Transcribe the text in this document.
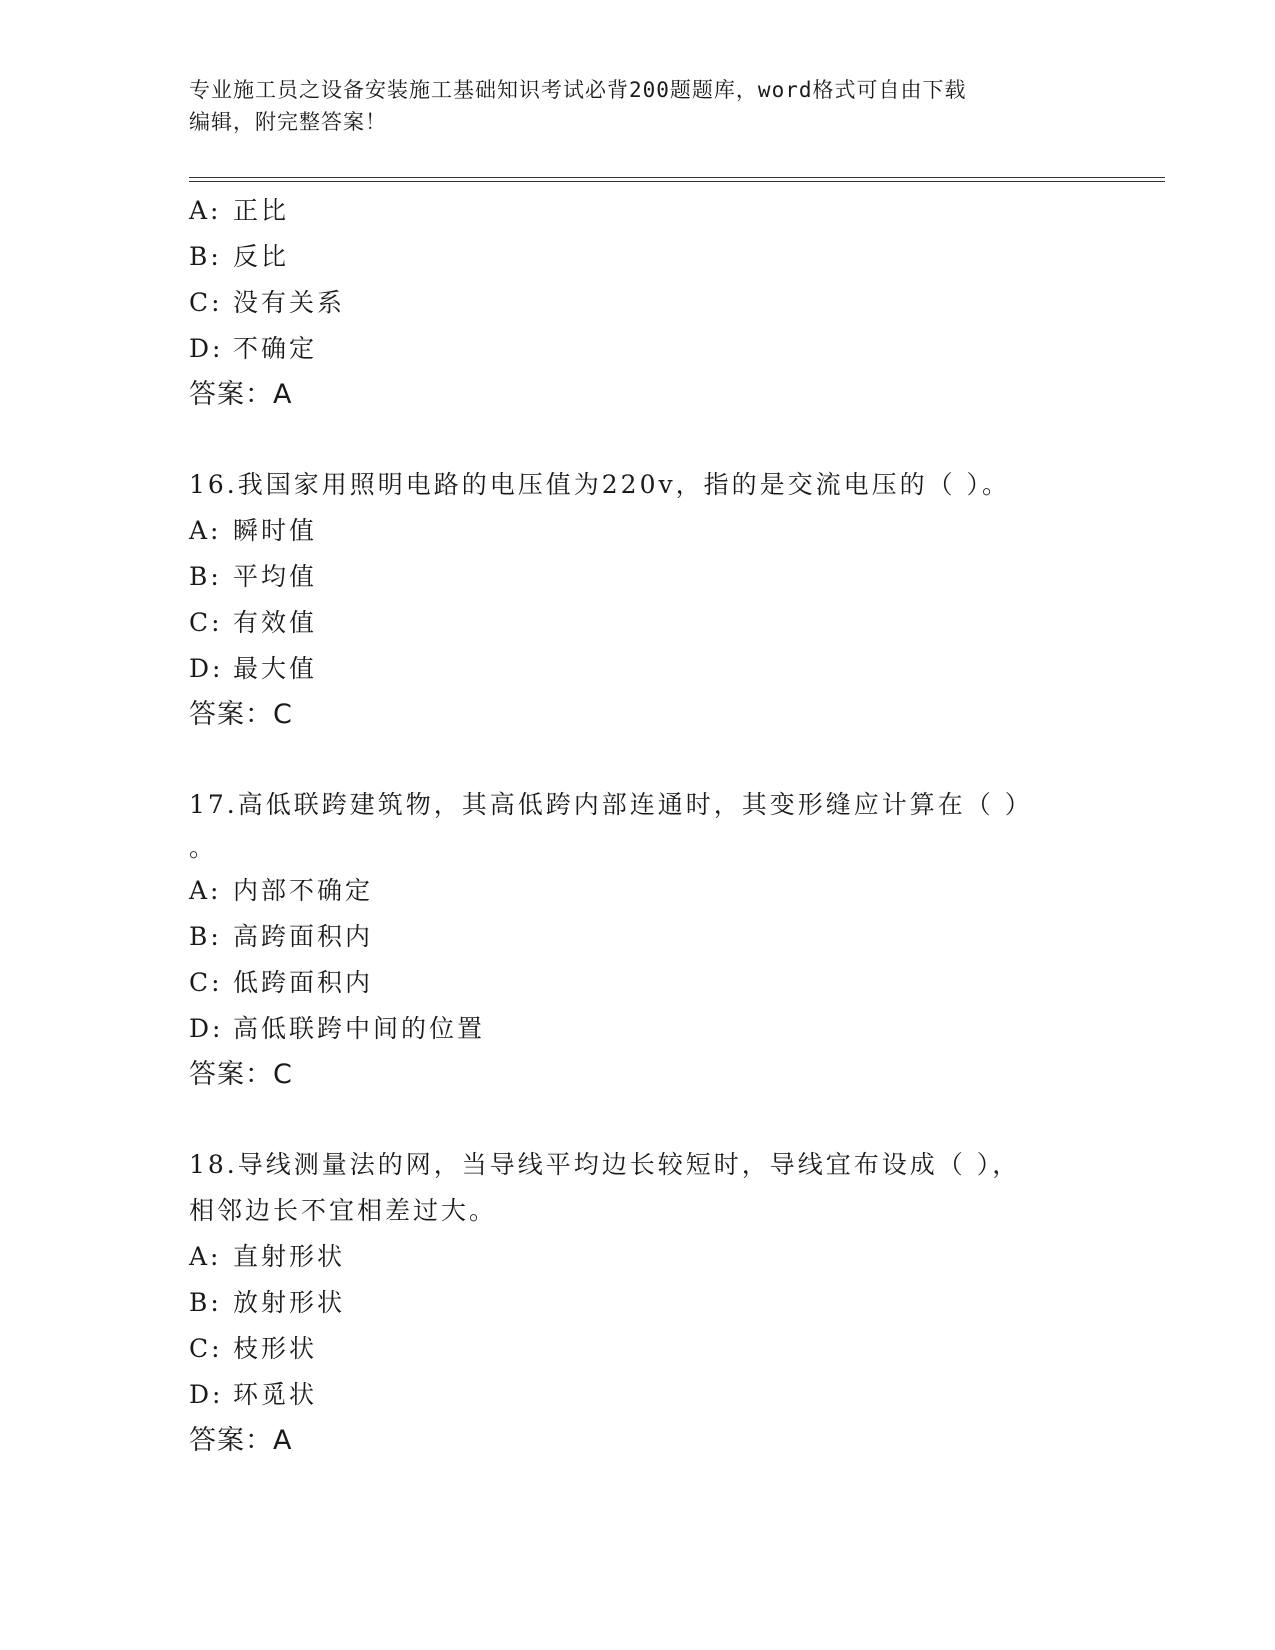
专业施工员之设备安装施工基础知识考试必背200题题库，word格式可自由下载
编辑，附完整答案！
A: 正比
B: 反比
C: 没有关系
D: 不确定
答案：A
16.我国家用照明电路的电压值为220v，指的是交流电压的（ ）。
A: 瞬时值
B: 平均值
C: 有效值
D: 最大值
答案：C
17.高低联跨建筑物，其高低跨内部连通时，其变形缝应计算在（ ）
。
A: 内部不确定
B: 高跨面积内
C: 低跨面积内
D: 高低联跨中间的位置
答案：C
18.导线测量法的网，当导线平均边长较短时，导线宜布设成（ ），
相邻边长不宜相差过大。
A: 直射形状
B: 放射形状
C: 枝形状
D: 环觅状
答案：A
